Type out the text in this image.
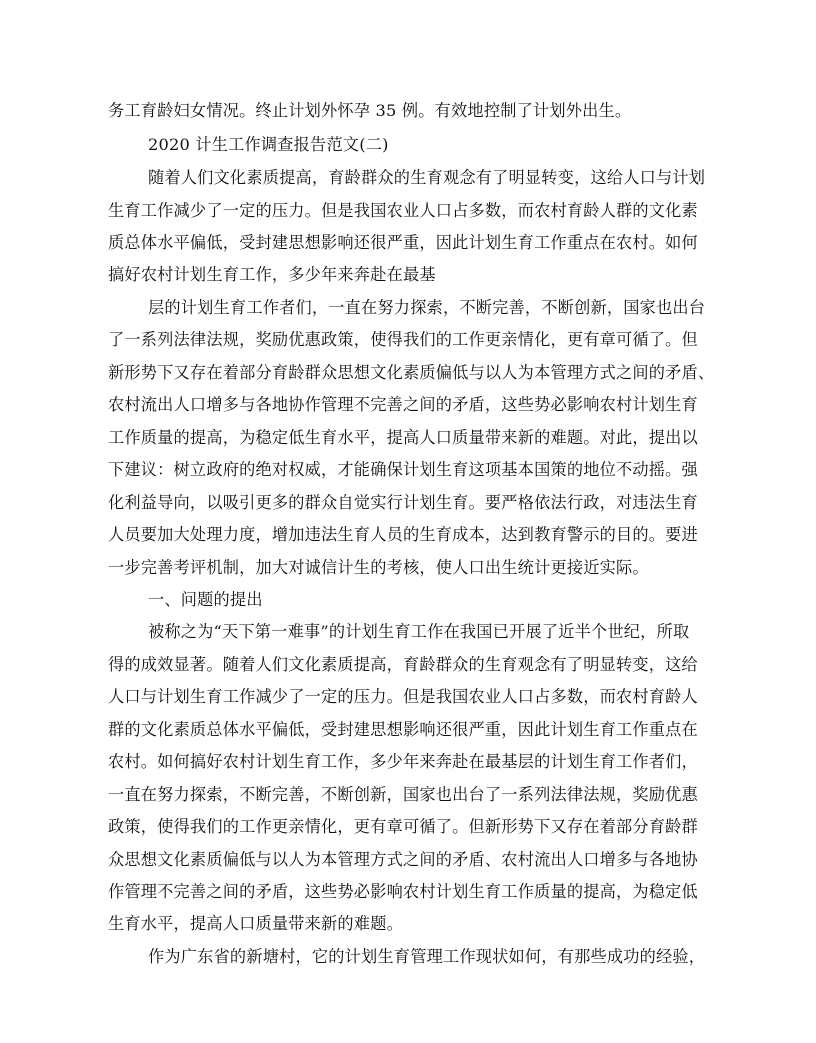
务工育龄妇女情况。终止计划外怀孕 35 例。有效地控制了计划外出生。
2020 计生工作调查报告范文(二)
随着人们文化素质提高，育龄群众的生育观念有了明显转变，这给人口与计划
生育工作减少了一定的压力。但是我国农业人口占多数，而农村育龄人群的文化素
质总体水平偏低，受封建思想影响还很严重，因此计划生育工作重点在农村。如何
搞好农村计划生育工作，多少年来奔赴在最基
层的计划生育工作者们，一直在努力探索，不断完善，不断创新，国家也出台
了一系列法律法规，奖励优惠政策，使得我们的工作更亲情化，更有章可循了。但
新形势下又存在着部分育龄群众思想文化素质偏低与以人为本管理方式之间的矛盾、
农村流出人口增多与各地协作管理不完善之间的矛盾，这些势必影响农村计划生育
工作质量的提高，为稳定低生育水平，提高人口质量带来新的难题。对此，提出以
下建议：树立政府的绝对权威，才能确保计划生育这项基本国策的地位不动摇。强
化利益导向，以吸引更多的群众自觉实行计划生育。要严格依法行政，对违法生育
人员要加大处理力度，增加违法生育人员的生育成本，达到教育警示的目的。要进
一步完善考评机制，加大对诚信计生的考核，使人口出生统计更接近实际。
一、问题的提出
被称之为“天下第一难事”的计划生育工作在我国已开展了近半个世纪，所取
得的成效显著。随着人们文化素质提高，育龄群众的生育观念有了明显转变，这给
人口与计划生育工作减少了一定的压力。但是我国农业人口占多数，而农村育龄人
群的文化素质总体水平偏低，受封建思想影响还很严重，因此计划生育工作重点在
农村。如何搞好农村计划生育工作，多少年来奔赴在最基层的计划生育工作者们，
一直在努力探索，不断完善，不断创新，国家也出台了一系列法律法规，奖励优惠
政策，使得我们的工作更亲情化，更有章可循了。但新形势下又存在着部分育龄群
众思想文化素质偏低与以人为本管理方式之间的矛盾、农村流出人口增多与各地协
作管理不完善之间的矛盾，这些势必影响农村计划生育工作质量的提高，为稳定低
生育水平，提高人口质量带来新的难题。
作为广东省的新塘村，它的计划生育管理工作现状如何，有那些成功的经验，
